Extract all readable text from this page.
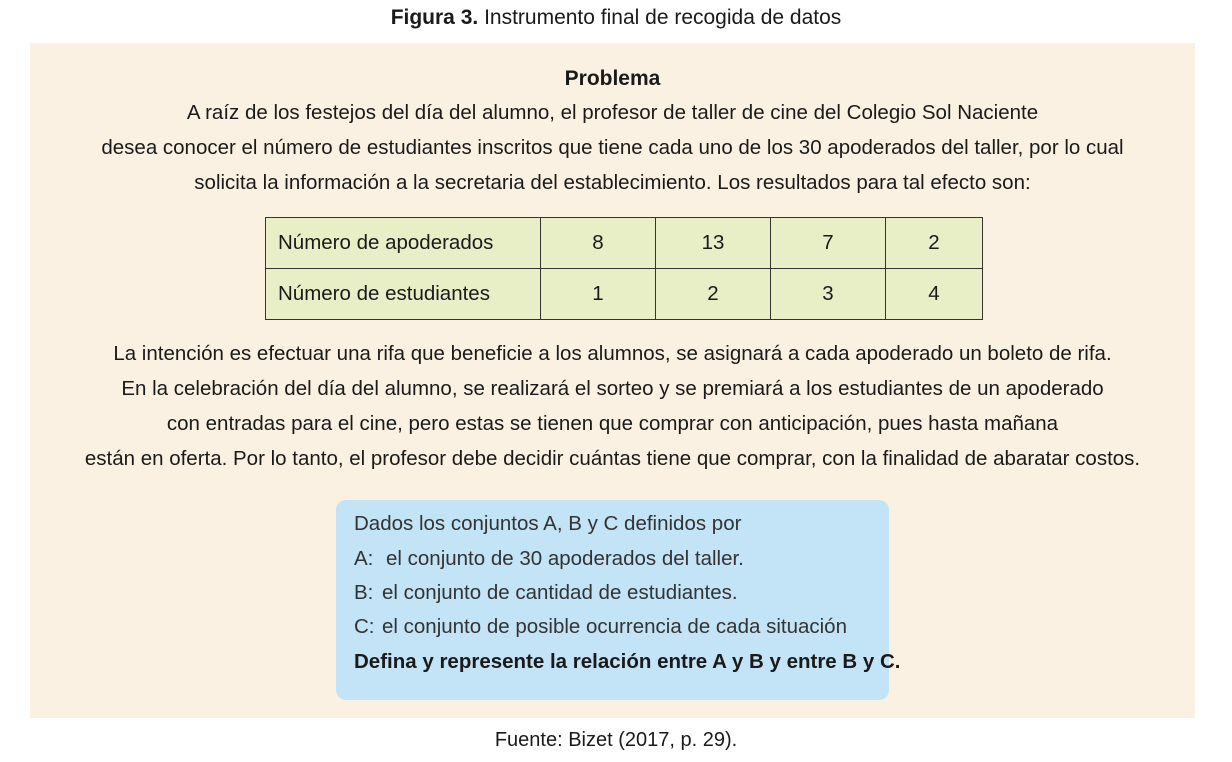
Figura 3. Instrumento final de recogida de datos
Problema
A raíz de los festejos del día del alumno, el profesor de taller de cine del Colegio Sol Naciente
desea conocer el número de estudiantes inscritos que tiene cada uno de los 30 apoderados del taller, por lo cual
solicita la información a la secretaria del establecimiento. Los resultados para tal efecto son:
Número de apoderados	8	13	7	2
Número de estudiantes	1	2	3	4
La intención es efectuar una rifa que beneficie a los alumnos, se asignará a cada apoderado un boleto de rifa.
En la celebración del día del alumno, se realizará el sorteo y se premiará a los estudiantes de un apoderado
con entradas para el cine, pero estas se tienen que comprar con anticipación, pues hasta mañana
están en oferta. Por lo tanto, el profesor debe decidir cuántas tiene que comprar, con la finalidad de abaratar costos.
Dados los conjuntos A, B y C definidos por
A: el conjunto de 30 apoderados del taller.
B: el conjunto de cantidad de estudiantes.
C: el conjunto de posible ocurrencia de cada situación
Defina y represente la relación entre A y B y entre B y C.
Fuente: Bizet (2017, p. 29).
